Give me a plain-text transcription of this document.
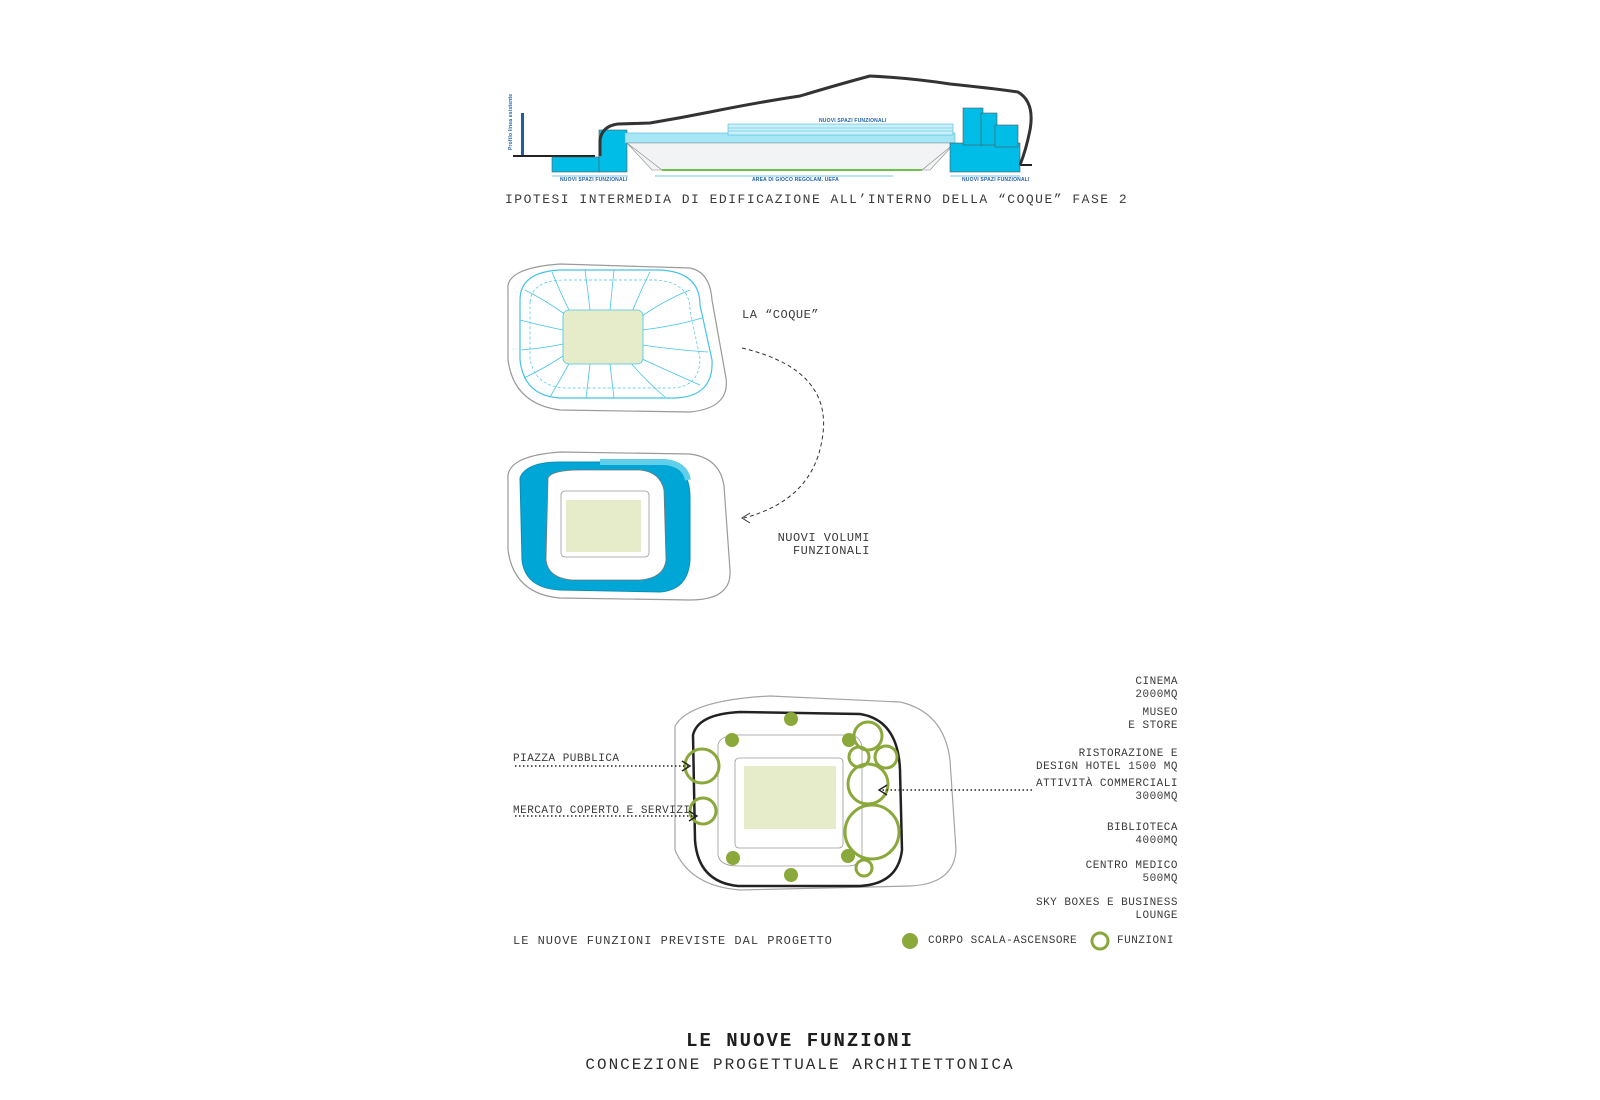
NUOVI SPAZI FUNZIONALI
NUOVI SPAZI FUNZIONALI	AREA DI GIOCO REGOLAM. UEFA	NUOVI SPAZI FUNZIONALI
Profilo linea esistente
IPOTESI INTERMEDIA DI EDIFICAZIONE ALL’INTERNO DELLA “COQUE” FASE 2
LA “COQUE”
NUOVI VOLUMI
FUNZIONALI
PIAZZA PUBBLICA
MERCATO COPERTO E SERVIZI
CINEMA
2000MQ
MUSEO
E STORE
RISTORAZIONE E
DESIGN HOTEL 1500 MQ
ATTIVITÀ COMMERCIALI
3000MQ
BIBLIOTECA
4000MQ
CENTRO MEDICO
500MQ
SKY BOXES E BUSINESS
LOUNGE
LE NUOVE FUNZIONI PREVISTE DAL PROGETTO	CORPO SCALA-ASCENSORE	FUNZIONI
LE NUOVE FUNZIONI
CONCEZIONE PROGETTUALE ARCHITETTONICA
